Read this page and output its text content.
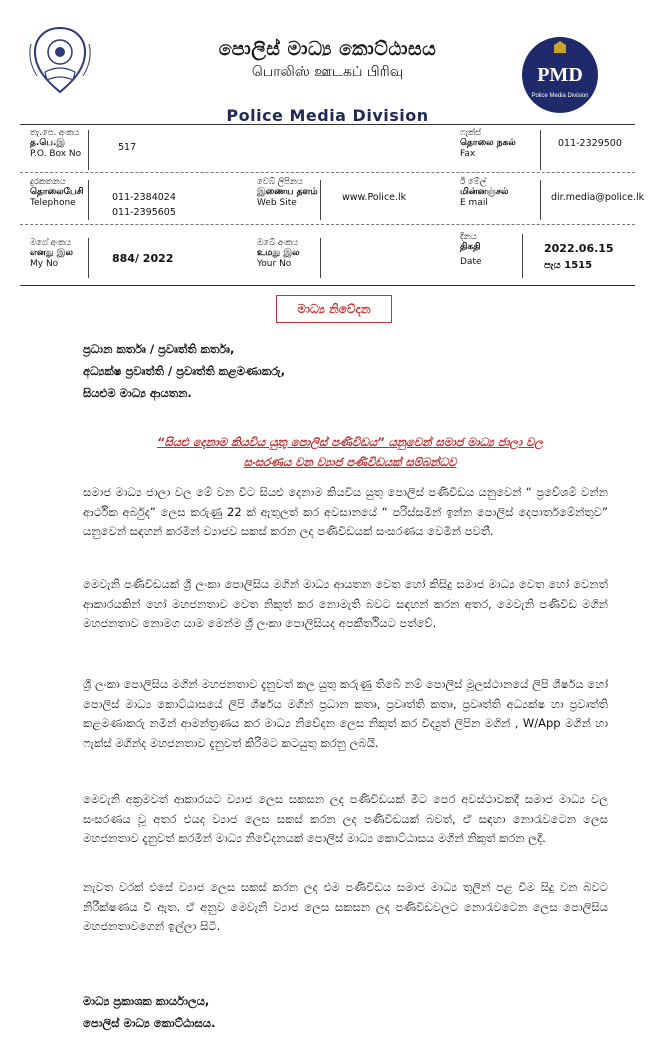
පොලිස් මාධ්‍ය කොට්ඨාසය
பொலிஸ் ஊடகப் பிரிவு
Police Media Division
PMD
Police Media Division
තැ.පෙ. අංකය
த.பெ.இ
P.O. Box No
517
ෆැක්ස්
தொலை நகல்
Fax
011-2329500
දුරකතනය
தொலைபேசி
Telephone	011-2384024
011-2395605
වෙබ් ලිපිනය
இணைய தளம்
Web Site	www.Police.lk
ඊ මේල්
மின்னஞ்சல்
E mail	dir.media@police.lk
මගේ අංකය
எனது இல
My No	884/ 2022
ඔබේ අංකය
உமது இல
Your No
දිනය
திகதி
Date
2022.06.15
පැය 1515
මාධ්‍ය නිවේදන
ප්‍රධාන කර්තෘ / ප්‍රවෘත්ති කර්තෘ,
අධ්‍යක්ෂ ප්‍රවෘත්ති / ප්‍රවෘත්ති කළමණාකරු,
සියළුම මාධ්‍ය ආයතන.
“සියළු දෙනාම කියවිය යුතු පොලිස් පණිවිඩය” යනුවෙන් සමාජ මාධ්‍ය ජාලා වල
සංසරණය වන ව්‍යාජ පණිවිඩයක් සම්බන්ධව
සමාජ මාධ්‍ය ජාලා වල මේ වන විට සියළු දෙනාම කියවිය යුතු පොලිස් පණිවිඩය යනුවෙන් “ ප්‍රවේශම් වන්න ආර්ථික අර්බුද” ලෙස කරුණු 22 ක් ඇතුලත් කර අවසානයේ “ පරිස්සමින් ඉන්න පොලිස් දෙපාර්තමේන්තුව” යනුවෙන් සඳහන් කරමින් ව්‍යාජව සකස් කරන ලද පණිවිඩයක් සංසරණය වෙමින් පවතී.
මෙවැනි පණිවිඩයක් ශ්‍රී ලංකා පොලිසිය මගින් මාධ්‍ය ආයතන වෙත හෝ කිසිදු සමාජ මාධ්‍ය වෙත හෝ වෙනත් ආකාරයකින් හෝ මහජනතාව වෙත නිකුත් කර නොමැති බවට සඳහන් කරන අතර, මෙවැනි පණිවිඩ මගින් මහජනතාව නොමග යාම මෙන්ම ශ්‍රී ලංකා පොලිසියද අපකීර්තියට පත්වේ.
ශ්‍රී ලංකා පොලිසිය මගින් මහජනතාව දැනුවත් කල යුතු කරුණු තිබේ නම් පොලිස් මූලස්ථානයේ ලිපි ශීර්ෂය හෝ පොලිස් මාධ්‍ය කොට්ඨාසයේ ලිපි ශීර්ෂය මගින් ප්‍රධාන කතෘ, ප්‍රවෘත්ති කතෘ, ප්‍රවෘත්ති අධ්‍යක්ෂ හා ප්‍රවෘත්ති කළමණාකරු නමින් ආමන්ත්‍රණය කර මාධ්‍ය නිවේදන ලෙස නිකුත් කර විද්‍යුත් ලිපින මගින් , W/App මගින් හා ෆැක්ස් මගින්ද මහජනතාව දැනුවත් කිරීමට කටයුතු කරනු ලබයි.
මෙවැනි අක්‍රමවත් ආකාරයට ව්‍යාජ ලෙස සකසන ලද පණිවිඩයක් මීට පෙර අවස්ථාවකදී සමාජ මාධ්‍ය වල සංසරණය වූ අතර එයද ව්‍යාජ ලෙස සකස් කරන ලද පණිවිඩයක් බවත්, ඒ සඳහා නොරැවටෙන ලෙස මහජනතාව දැනුවත් කරමින් මාධ්‍ය නිවේදනයක් පොලිස් මාධ්‍ය කොට්ඨාසය මගින් නිකුත් කරන ලදී.
නැවත වරක් එසේ ව්‍යාජ ලෙස සකස් කරන ලද එම පණිවිඩය සමාජ මාධ්‍ය තුලින් පළ වීම සිදු වන බවට නිරීක්ෂණය වී ඇත. ඒ අනුව මෙවැනි ව්‍යාජ ලෙස සකසන ලද පණිවිඩවලට නොරැවටෙන ලෙස පොලිසිය මහජනතාවගෙන් ඉල්ලා සිටී.
මාධ්‍ය ප්‍රකාශක කාර්යාලය,
පොලිස් මාධ්‍ය කොට්ඨාසය.
